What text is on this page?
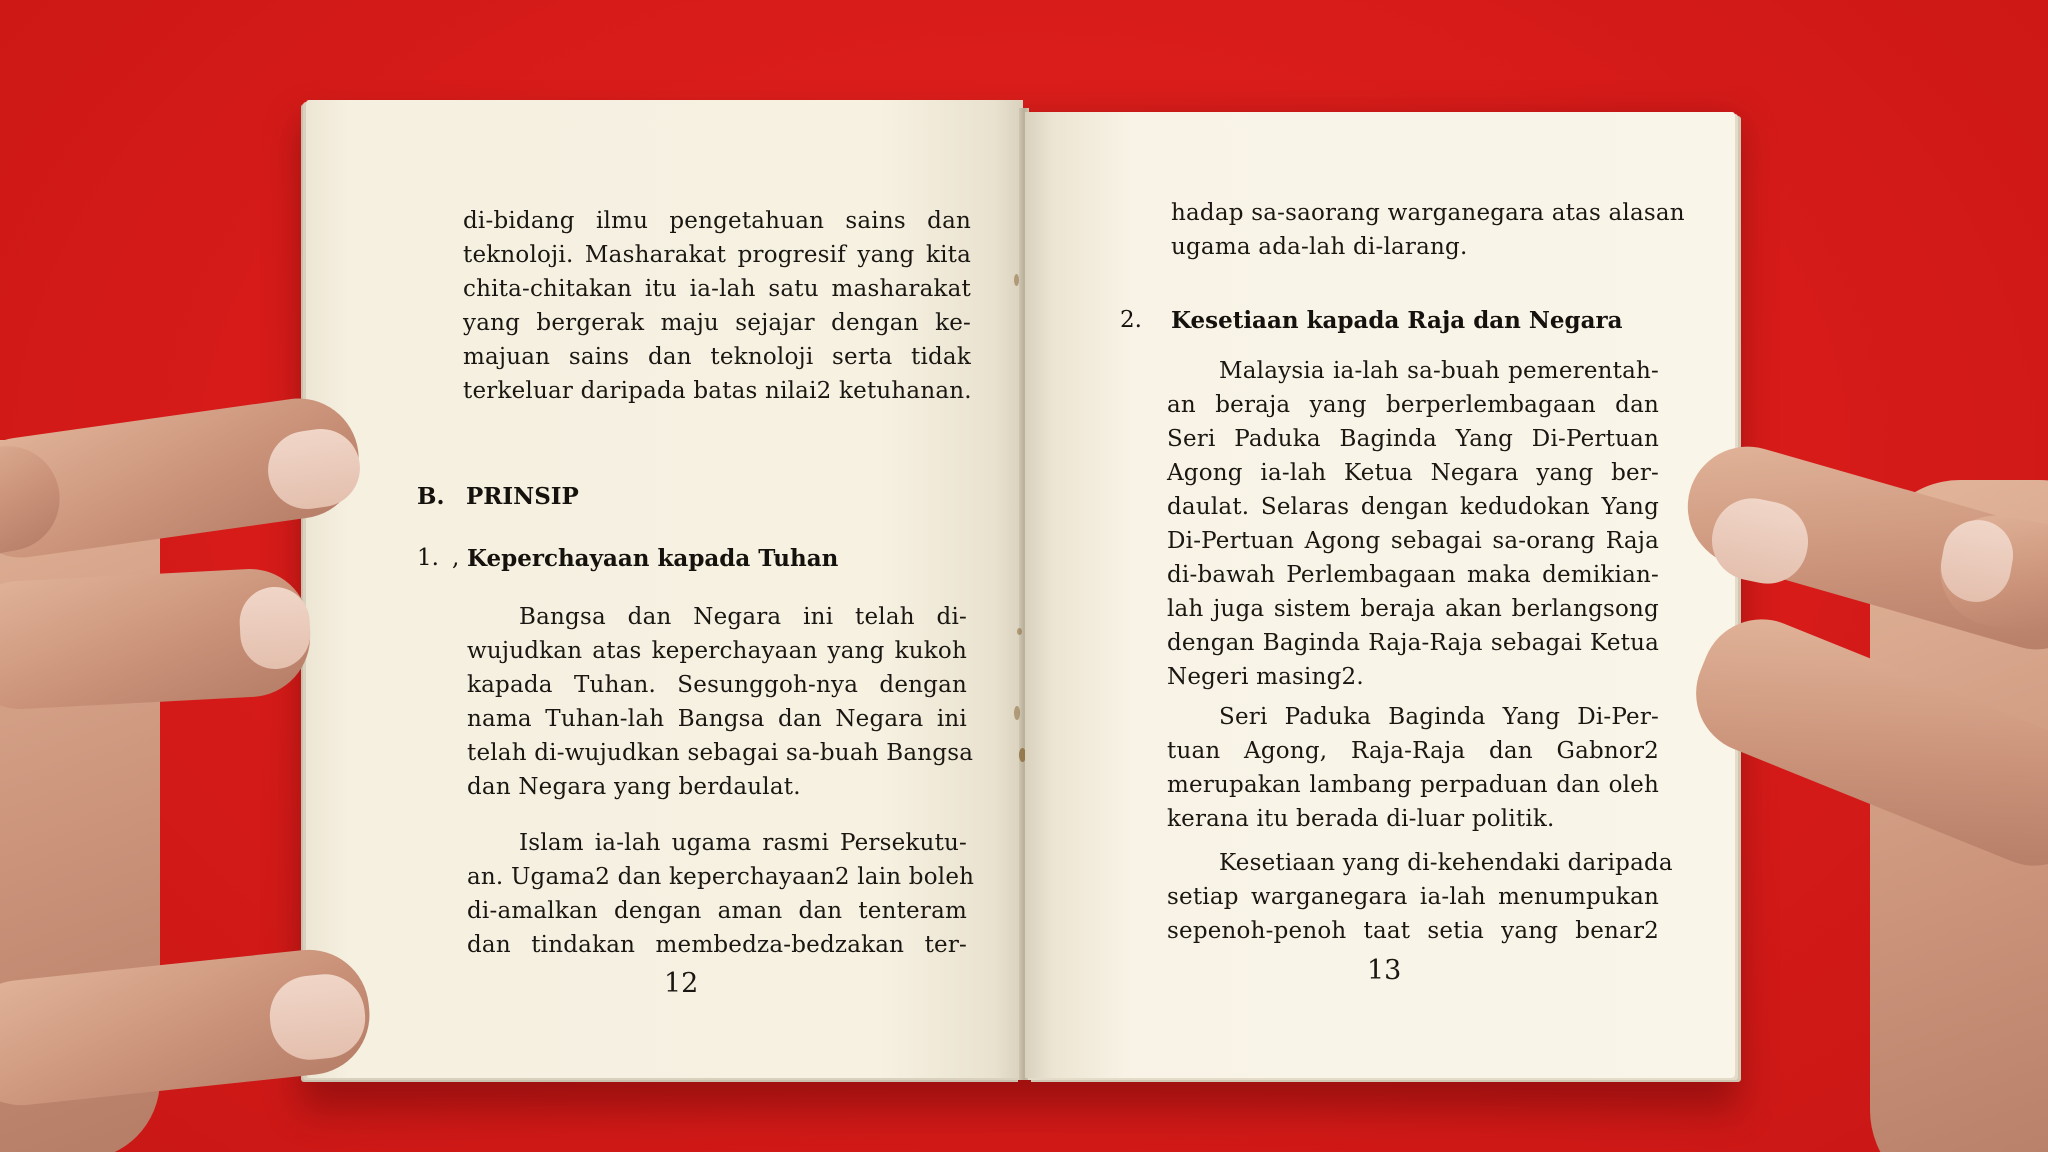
di-bidang ilmu pengetahuan sains dan
teknoloji. Masharakat progresif yang kita
chita-chitakan itu ia-lah satu masharakat
yang bergerak maju sejajar dengan ke-
majuan sains dan teknoloji serta tidak
terkeluar daripada batas nilai2 ketuhanan.
B. PRINSIP
1. , Keperchayaan kapada Tuhan
Bangsa dan Negara ini telah di-
wujudkan atas keperchayaan yang kukoh
kapada Tuhan. Sesunggoh-nya dengan
nama Tuhan-lah Bangsa dan Negara ini
telah di-wujudkan sebagai sa-buah Bangsa
dan Negara yang berdaulat.
Islam ia-lah ugama rasmi Persekutu-
an. Ugama2 dan keperchayaan2 lain boleh
di-amalkan dengan aman dan tenteram
dan tindakan membedza-bedzakan ter-
12
hadap sa-saorang warganegara atas alasan
ugama ada-lah di-larang.
2. Kesetiaan kapada Raja dan Negara
Malaysia ia-lah sa-buah pemerentah-
an beraja yang berperlembagaan dan
Seri Paduka Baginda Yang Di-Pertuan
Agong ia-lah Ketua Negara yang ber-
daulat. Selaras dengan kedudokan Yang
Di-Pertuan Agong sebagai sa-orang Raja
di-bawah Perlembagaan maka demikian-
lah juga sistem beraja akan berlangsong
dengan Baginda Raja-Raja sebagai Ketua
Negeri masing2.
Seri Paduka Baginda Yang Di-Per-
tuan Agong, Raja-Raja dan Gabnor2
merupakan lambang perpaduan dan oleh
kerana itu berada di-luar politik.
Kesetiaan yang di-kehendaki daripada
setiap warganegara ia-lah menumpukan
sepenoh-penoh taat setia yang benar2
13
